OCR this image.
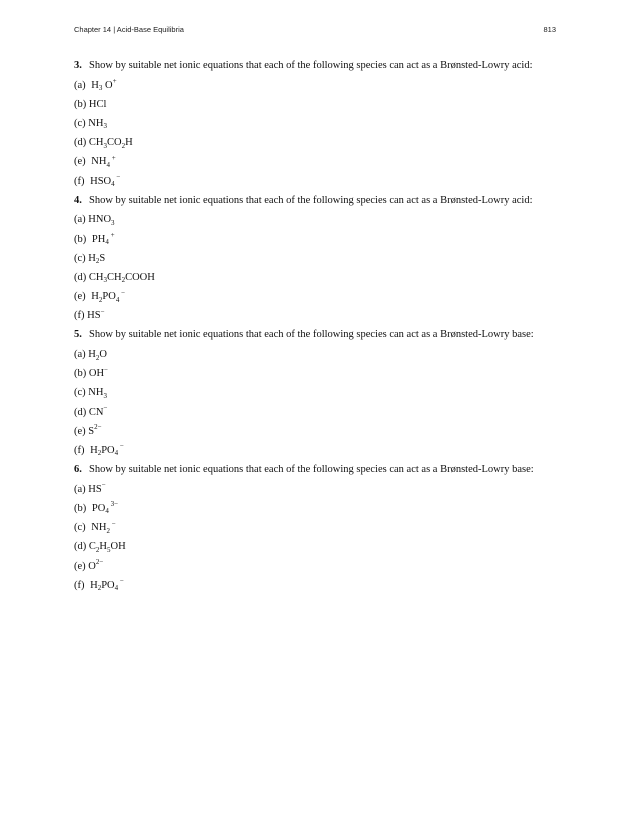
Chapter 14 | Acid-Base Equilibria	813
3. Show by suitable net ionic equations that each of the following species can act as a Brønsted-Lowry acid:
(a) $H_3$ O+
(b) HCl
(c) $NH_3$
(d) $CH_3CO_2H$
(e) $NH_4$ +
(f) $HSO_4$ −
4. Show by suitable net ionic equations that each of the following species can act as a Brønsted-Lowry acid:
(a) $HNO_3$
(b) $PH_4$ +
(c) $H_2S$
(d) $CH_3CH_2COOH$
(e) $H_2PO_4$ −
(f) HS−
5. Show by suitable net ionic equations that each of the following species can act as a Brønsted-Lowry base:
(a) $H_2O$
(b) OH−
(c) $NH_3$
(d) CN−
(e) $S^{2-}$
(f) $H_2PO_4$ −
6. Show by suitable net ionic equations that each of the following species can act as a Brønsted-Lowry base:
(a) HS−
(b) $PO_4$ $^{3-}$
(c) $NH_2$ −
(d) $C_2H_5OH$
(e) $O^{2-}$
(f) $H_2PO_4$ −
